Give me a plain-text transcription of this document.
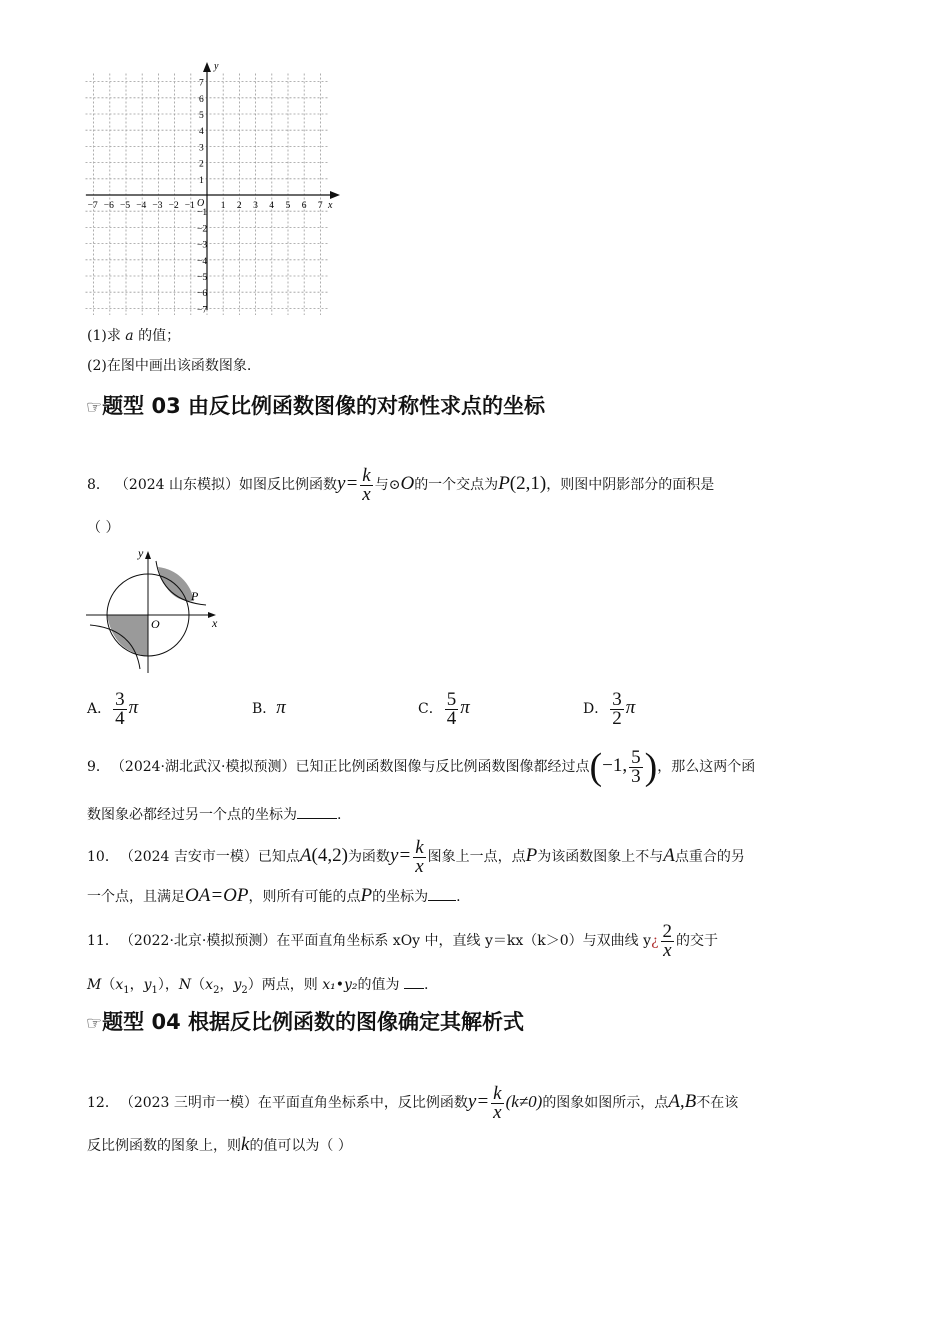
y
x
O
−7 −6 −5 −4 −3 −2 −1	1 2 3 4 5 6 7
7
6
5
4
3
2
1
−1
−2
−3
−4
−5
−6
−7
(1)求 a 的值；
(2)在图中画出该函数图象.
☞题型 03 由反比例函数图像的对称性求点的坐标
8． （2024 山东模拟）如图反比例函数$y= \frac{k}{x}$ 与⊙O的一个交点为P(2,1)，则图中阴影部分的面积是
（ ）
y
x
O
P
A． $\frac{3}{4}$ π	B．π	C． $\frac{5}{4}$ π	D． $\frac{3}{2}$ π
9． （2024·湖北武汉·模拟预测）已知正比例函数图像与反比例函数图像都经过点(−1, $\frac{5}{3}$ )，那么这两个函
数图象必都经过另一个点的坐标为	.
10． （2024 吉安市一模）已知点A(4,2)为函数$y= \frac{k}{x}$ 图象上一点，点P为该函数图象上不与A点重合的另
一个点，且满足OA=OP，则所有可能的点P的坐标为 .
11． （2022·北京·模拟预测）在平面直角坐标系 xOy 中，直线 y＝kx（k＞0）与双曲线 y¿ $\frac{2}{x}$ 的交于
$M(x_1$，$y_1$），$N(x_2$，$y_2$）两点，则 x₁•y₂的值为 .
☞题型 04 根据反比例函数的图像确定其解析式
12． （2023 三明市一模）在平面直角坐标系中，反比例函数$y= \frac{k}{x} (k\ne 0)$的图象如图所示，点A,B不在该
反比例函数的图象上，则k的值可以为（ ）
